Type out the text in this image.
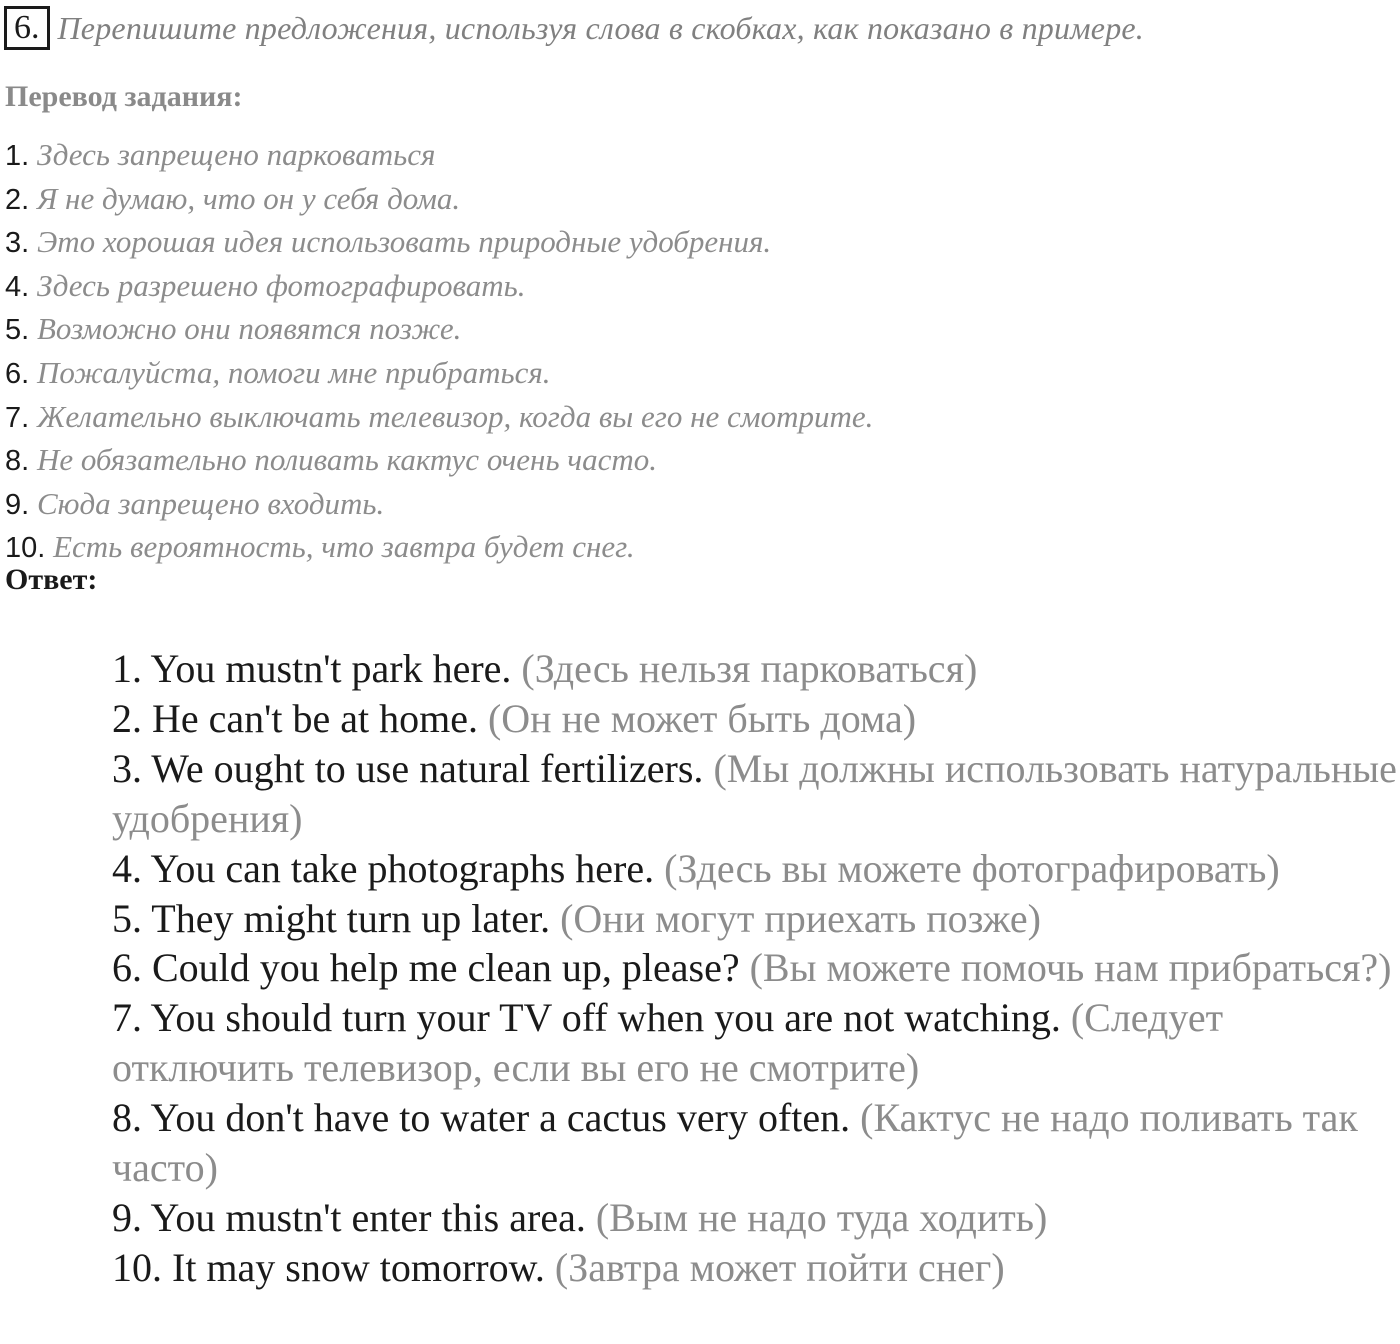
6. Перепишите предложения, используя слова в скобках, как показано в примере.
Перевод задания:
1. Здесь запрещено парковаться
2. Я не думаю, что он у себя дома.
3. Это хорошая идея использовать природные удобрения.
4. Здесь разрешено фотографировать.
5. Возможно они появятся позже.
6. Пожалуйста, помоги мне прибраться.
7. Желательно выключать телевизор, когда вы его не смотрите.
8. Не обязательно поливать кактус очень часто.
9. Сюда запрещено входить.
10. Есть вероятность, что завтра будет снег.
Ответ:
1. You mustn't park here. (Здесь нельзя парковаться)
2. He can't be at home. (Он не может быть дома)
3. We ought to use natural fertilizers. (Мы должны использовать натуральные удобрения)
4. You can take photographs here. (Здесь вы можете фотографировать)
5. They might turn up later. (Они могут приехать позже)
6. Could you help me clean up, please? (Вы можете помочь нам прибраться?)
7. You should turn your TV off when you are not watching. (Следует отключить телевизор, если вы его не смотрите)
8. You don't have to water a cactus very often. (Кактус не надо поливать так часто)
9. You mustn't enter this area. (Вым не надо туда ходить)
10. It may snow tomorrow. (Завтра может пойти снег)
